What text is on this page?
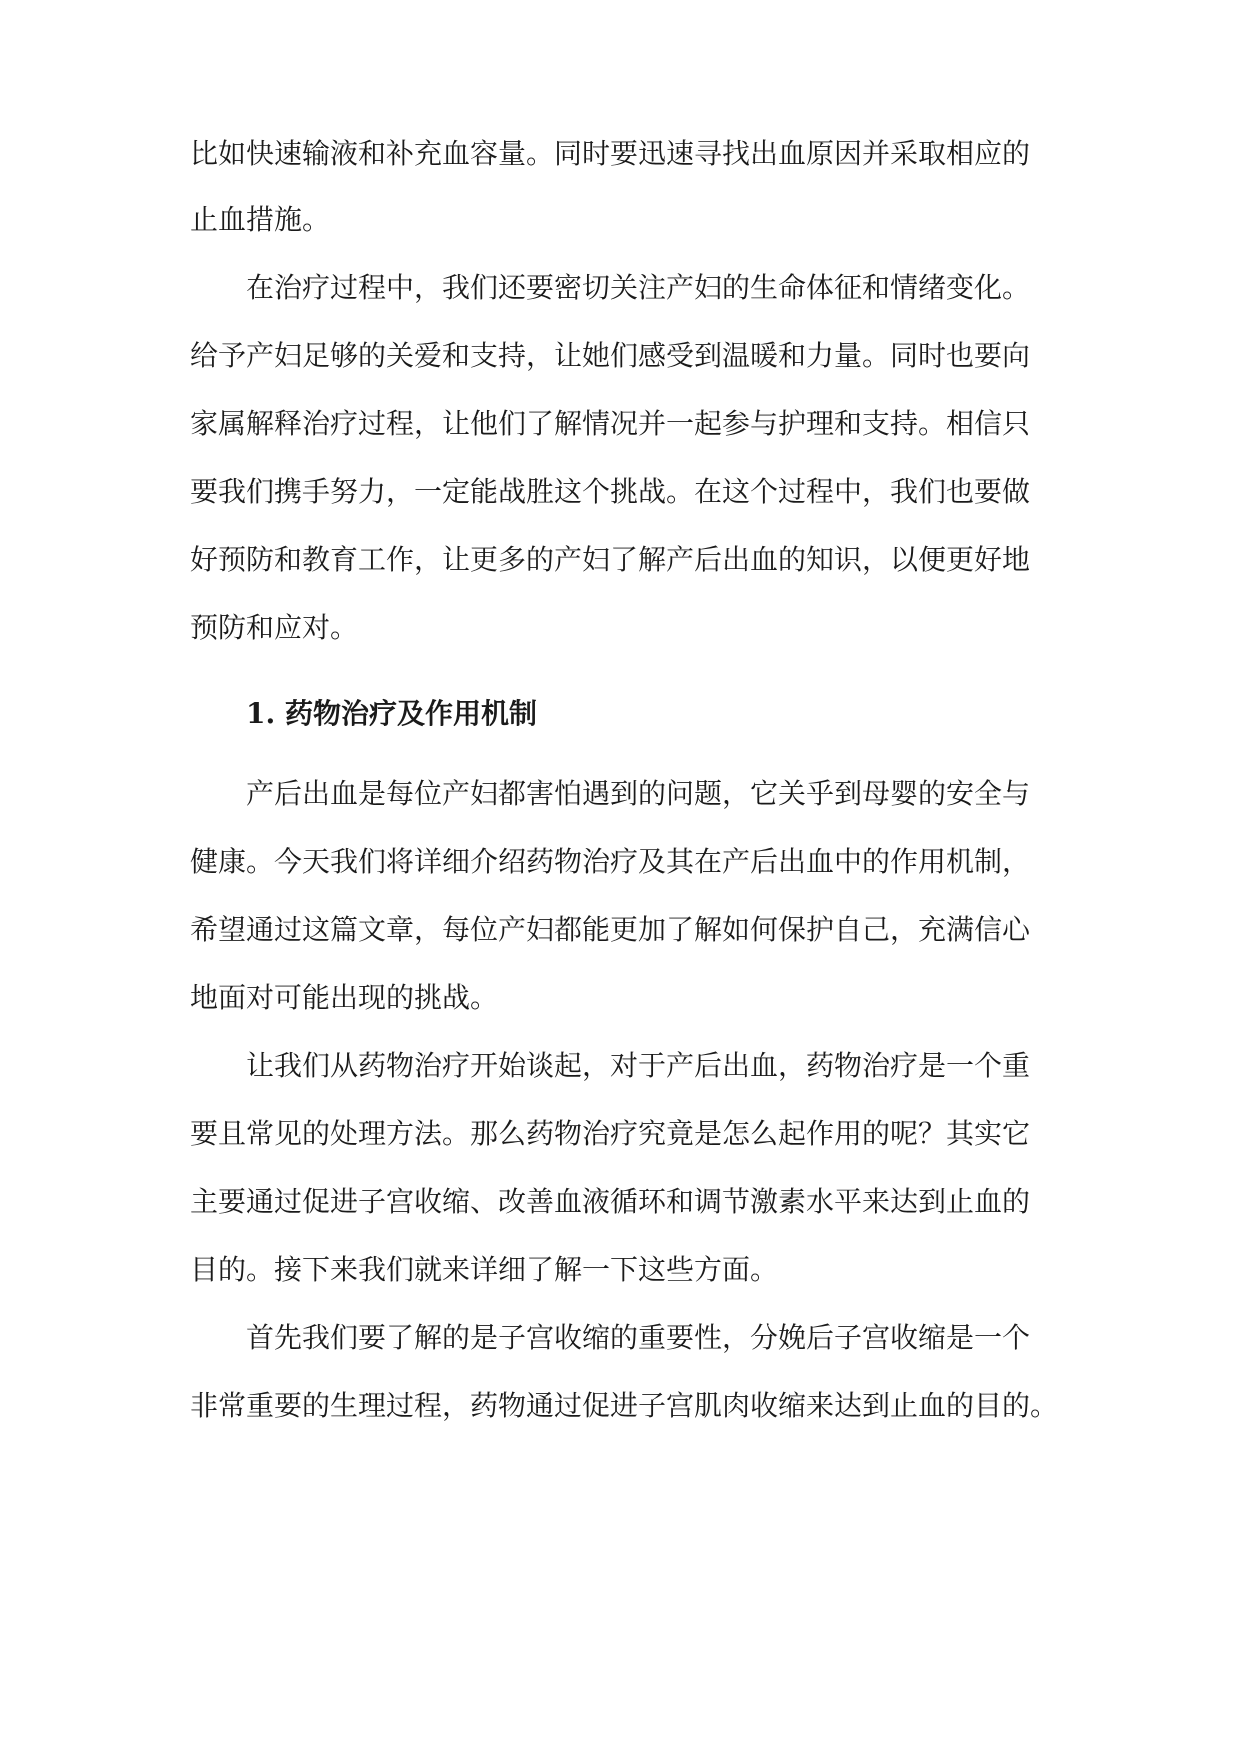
比如快速输液和补充血容量。同时要迅速寻找出血原因并采取相应的
止血措施。
在治疗过程中，我们还要密切关注产妇的生命体征和情绪变化。
给予产妇足够的关爱和支持，让她们感受到温暖和力量。同时也要向
家属解释治疗过程，让他们了解情况并一起参与护理和支持。相信只
要我们携手努力，一定能战胜这个挑战。在这个过程中，我们也要做
好预防和教育工作，让更多的产妇了解产后出血的知识，以便更好地
预防和应对。
1. 药物治疗及作用机制
产后出血是每位产妇都害怕遇到的问题，它关乎到母婴的安全与
健康。今天我们将详细介绍药物治疗及其在产后出血中的作用机制，
希望通过这篇文章，每位产妇都能更加了解如何保护自己，充满信心
地面对可能出现的挑战。
让我们从药物治疗开始谈起，对于产后出血，药物治疗是一个重
要且常见的处理方法。那么药物治疗究竟是怎么起作用的呢？其实它
主要通过促进子宫收缩、改善血液循环和调节激素水平来达到止血的
目的。接下来我们就来详细了解一下这些方面。
首先我们要了解的是子宫收缩的重要性，分娩后子宫收缩是一个
非常重要的生理过程，药物通过促进子宫肌肉收缩来达到止血的目的。
